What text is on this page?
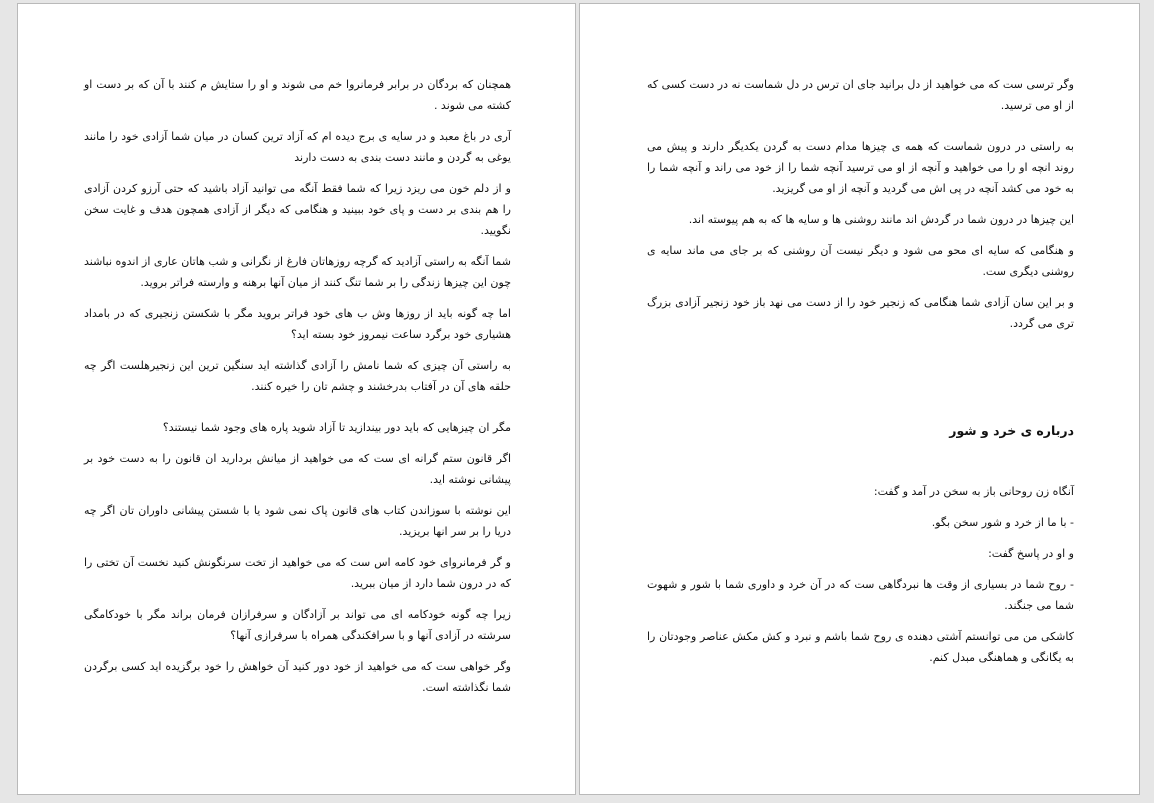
همچنان که بردگان در برابر فرمانروا خم می شوند و او را ستایش م کنند با آن که بر دست او کشته می شوند .

آری در باغ معبد و در سایه ی برج دیده ام که آزاد ترین کسان در میان شما آزادی خود را مانند یوغی به گردن و مانند دست بندی به دست دارند

و از دلم خون می ریزد زیرا که شما فقط آنگه می توانید آزاد باشید که حتی آرزو کردن آزادی را هم بندی بر دست و پای خود ببینید و هنگامی که دیگر از آزادی همچون هدف و غایت سخن نگویید.

شما آنگه به راستی آزادید که گرچه روزهاتان فارغ از نگرانی و شب هاتان عاری از اندوه نباشند چون این چیزها زندگی را بر شما تنگ کنند از میان آنها برهنه و وارسته فراتر بروید.

اما چه گونه باید از روزها وش ب های خود فراتر بروید مگر با شکستن زنجیری که در بامداد هشیاری خود برگرد ساعت نیمروز خود بسته اید؟

به راستی آن چیزی که شما نامش را آزادی گذاشته اید سنگین ترین این زنجیرهلست اگر چه حلقه های آن در آفتاب بدرخشند و چشم تان را خیره کنند.

مگر ان چیزهایی که باید دور بیندازید تا آزاد شوید پاره های وجود شما نیستند؟

اگر قانون ستم گرانه ای ست که می خواهید از میانش بردارید ان قانون را به دست خود بر پیشانی نوشته اید.

این نوشته با سوزاندن کتاب های قانون پاک نمی شود یا با شستن پیشانی داوران تان اگر چه دریا را بر سر انها بریزید.

و گر فرمانروای خود کامه اس ست که می خواهید از تخت سرنگونش کنید نخست آن تختی را که در درون شما دارد از میان ببرید.

زیرا چه گونه خودکامه ای می تواند بر آزادگان و سرفرازان فرمان براند مگر با خودکامگی سرشته در آزادی آنها و با سرافکندگی همراه با سرفرازی آنها؟

وگر خواهی ست که می خواهید از خود دور کنید آن خواهش را خود برگزیده اید کسی برگردن شما نگذاشته است.

وگر ترسی ست که می خواهید از دل برانید جای ان ترس در دل شماست نه در دست کسی که از او می ترسید.

به راستی در درون شماست که همه ی چیزها مدام دست به گردن یکدیگر دارند و پیش می روند انچه او را می خواهید و آنچه از او می ترسید آنچه شما را از خود می راند و آنچه شما را به خود می کشد آنچه در پی اش می گردید و آنچه از او می گریزید.

این چیزها در درون شما در گردش اند مانند روشنی ها و سایه ها که به هم پیوسته اند.

و هنگامی که سایه ای محو می شود و دیگر نیست آن روشنی که بر جای می ماند سایه ی روشنی دیگری ست.

و بر این سان آزادی شما هنگامی که زنجیر خود را از دست می نهد باز خود زنجیر آزادی بزرگ تری می گردد.

درباره ی خرد و شور

آنگاه زن روحانی باز به سخن در آمد و گفت:

- با ما از خرد و شور سخن بگو.

و او در پاسخ گفت:

- روح شما در بسیاری از وقت ها نبردگاهی ست که در آن خرد و داوری شما با شور و شهوت شما می جنگند.

کاشکی من می توانستم آشتی دهنده ی روح شما باشم و نبرد و کش مکش عناصر وجودتان را به یگانگی و هماهنگی مبدل کنم.
